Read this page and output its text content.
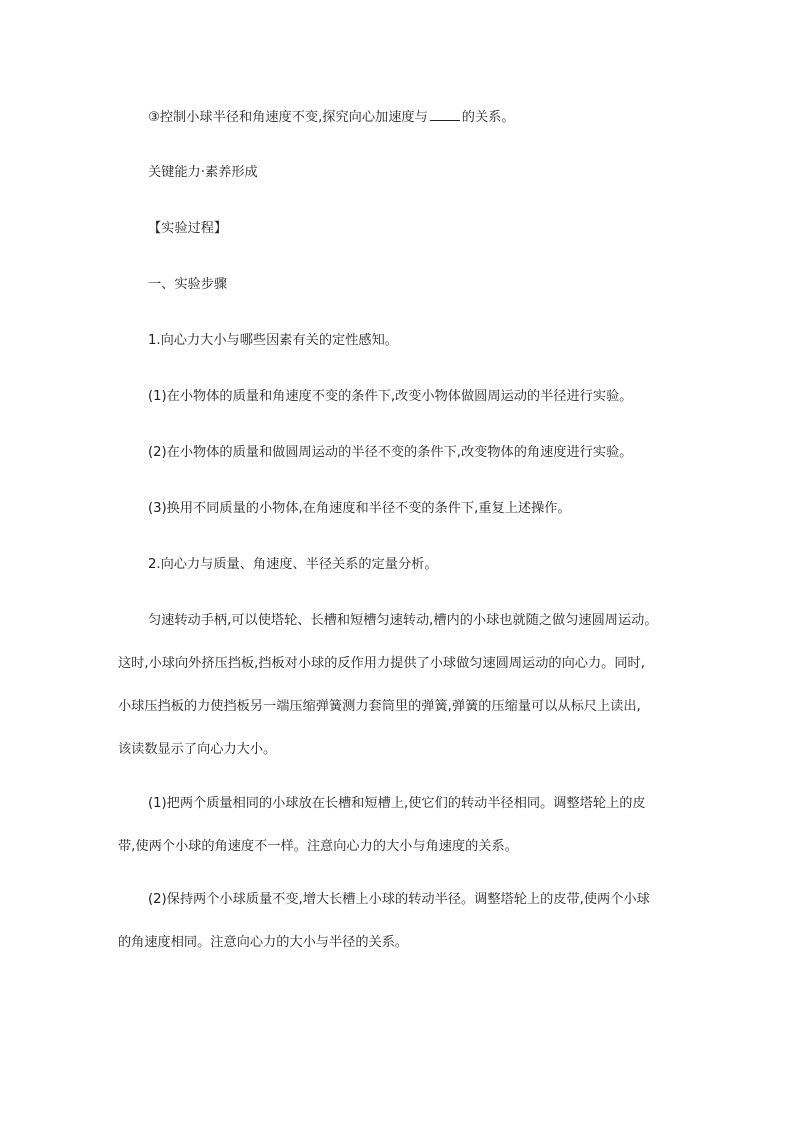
③控制小球半径和角速度不变,探究向心加速度与	的关系。
关键能力·素养形成
【实验过程】
一、实验步骤
1.向心力大小与哪些因素有关的定性感知。
(1)在小物体的质量和角速度不变的条件下,改变小物体做圆周运动的半径进行实验。
(2)在小物体的质量和做圆周运动的半径不变的条件下,改变物体的角速度进行实验。
(3)换用不同质量的小物体,在角速度和半径不变的条件下,重复上述操作。
2.向心力与质量、角速度、半径关系的定量分析。
匀速转动手柄,可以使塔轮、长槽和短槽匀速转动,槽内的小球也就随之做匀速圆周运动。
这时,小球向外挤压挡板,挡板对小球的反作用力提供了小球做匀速圆周运动的向心力。同时,
小球压挡板的力使挡板另一端压缩弹簧测力套筒里的弹簧,弹簧的压缩量可以从标尺上读出,
该读数显示了向心力大小。
(1)把两个质量相同的小球放在长槽和短槽上,使它们的转动半径相同。调整塔轮上的皮
带,使两个小球的角速度不一样。注意向心力的大小与角速度的关系。
(2)保持两个小球质量不变,增大长槽上小球的转动半径。调整塔轮上的皮带,使两个小球
的角速度相同。注意向心力的大小与半径的关系。
